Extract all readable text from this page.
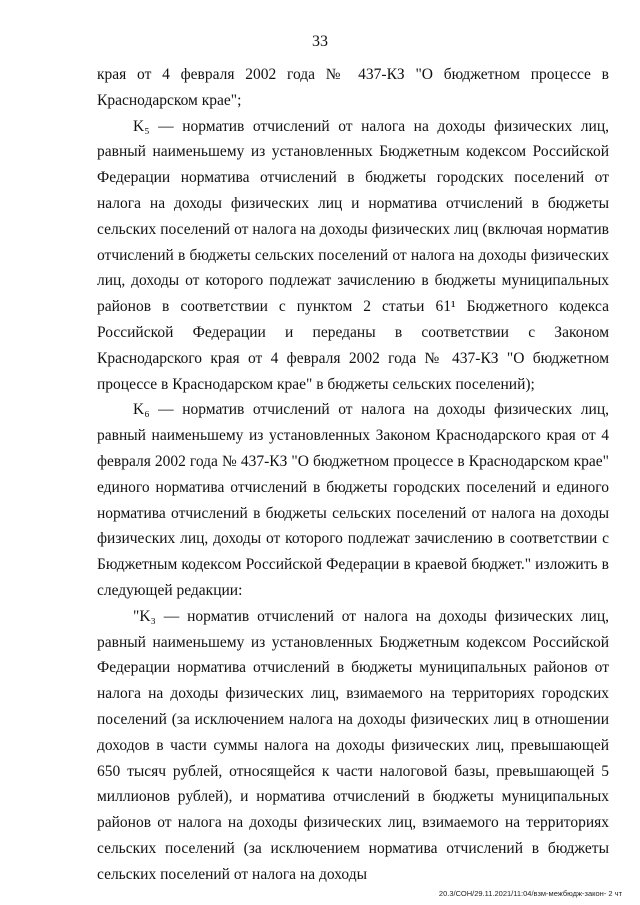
33

края от 4 февраля 2002 года № 437-КЗ "О бюджетном процессе в Краснодарском крае";

K₅ — норматив отчислений от налога на доходы физических лиц, равный наименьшему из установленных Бюджетным кодексом Российской Федерации норматива отчислений в бюджеты городских поселений от налога на доходы физических лиц и норматива отчислений в бюджеты сельских поселений от налога на доходы физических лиц (включая норматив отчислений в бюджеты сельских поселений от налога на доходы физических лиц, доходы от которого подлежат зачислению в бюджеты муниципальных районов в соответствии с пунктом 2 статьи 61¹ Бюджетного кодекса Российской Федерации и переданы в соответствии с Законом Краснодарского края от 4 февраля 2002 года № 437-КЗ "О бюджетном процессе в Краснодарском крае" в бюджеты сельских поселений);

K₆ — норматив отчислений от налога на доходы физических лиц, равный наименьшему из установленных Законом Краснодарского края от 4 февраля 2002 года № 437-КЗ "О бюджетном процессе в Краснодарском крае" единого норматива отчислений в бюджеты городских поселений и единого норматива отчислений в бюджеты сельских поселений от налога на доходы физических лиц, доходы от которого подлежат зачислению в соответствии с Бюджетным кодексом Российской Федерации в краевой бюджет." изложить в следующей редакции:

"K₃ — норматив отчислений от налога на доходы физических лиц, равный наименьшему из установленных Бюджетным кодексом Российской Федерации норматива отчислений в бюджеты муниципальных районов от налога на доходы физических лиц, взимаемого на территориях городских поселений (за исключением налога на доходы физических лиц в отношении доходов в части суммы налога на доходы физических лиц, превышающей 650 тысяч рублей, относящейся к части налоговой базы, превышающей 5 миллионов рублей), и норматива отчислений в бюджеты муниципальных районов от налога на доходы физических лиц, взимаемого на территориях сельских поселений (за исключением норматива отчислений в бюджеты сельских поселений от налога на доходы

20.3/СОН/29.11.2021/11:04/взм-межбюдж-закон- 2 чт
